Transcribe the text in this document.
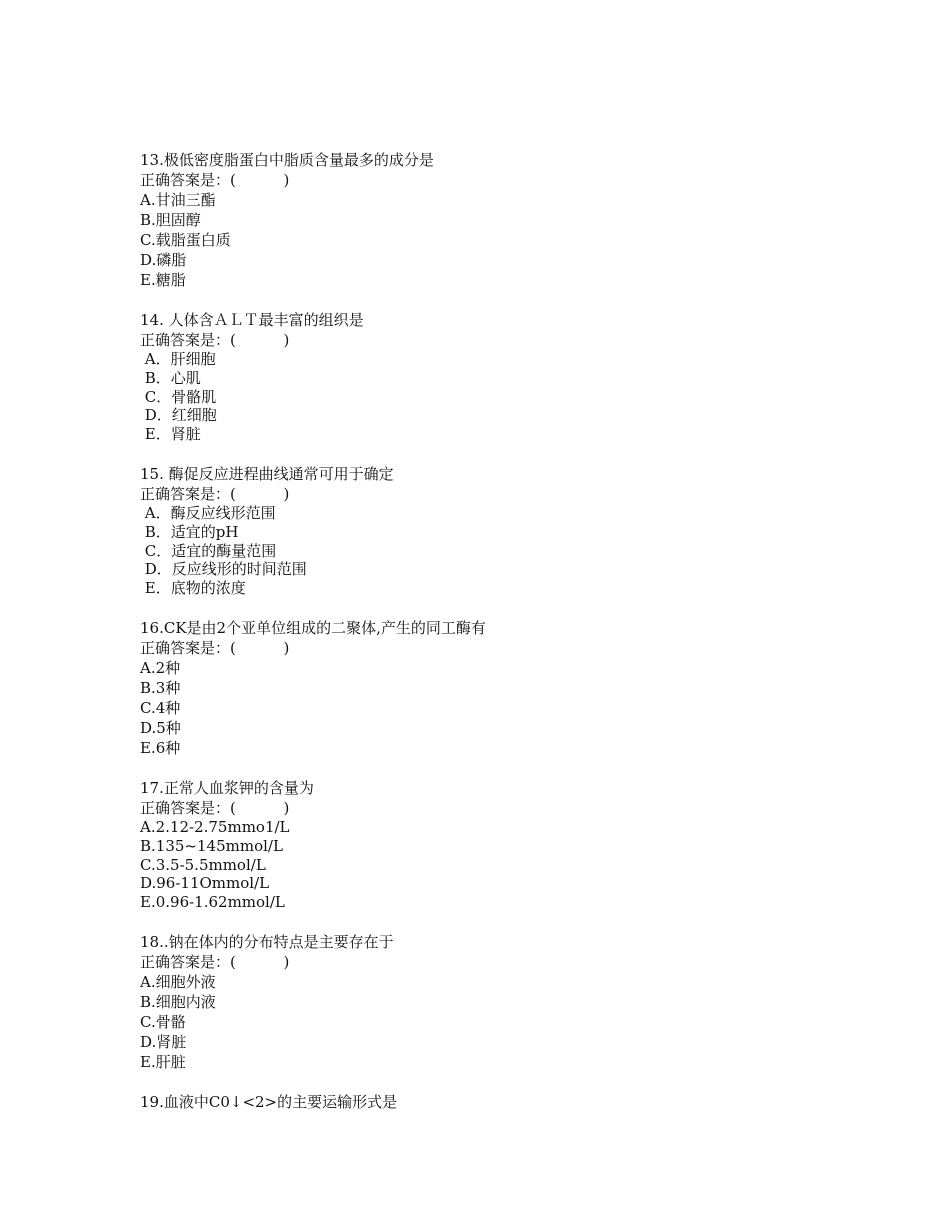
13.极低密度脂蛋白中脂质含量最多的成分是
正确答案是：(          )
A.甘油三酯
B.胆固醇
C.载脂蛋白质
D.磷脂
E.糖脂
14. 人体含ＡＬＴ最丰富的组织是
正确答案是：(          )
A．肝细胞
B．心肌
C．骨骼肌
D．红细胞
E．肾脏
15. 酶促反应进程曲线通常可用于确定
正确答案是：(          )
A．酶反应线形范围
B．适宜的pH
C．适宜的酶量范围
D．反应线形的时间范围
E．底物的浓度
16.CK是由2个亚单位组成的二聚体,产生的同工酶有
正确答案是：(          )
A.2种
B.3种
C.4种
D.5种
E.6种
17.正常人血浆钾的含量为
正确答案是：(          )
A.2.12-2.75mmo1/L
B.135~145mmol/L
C.3.5-5.5mmol/L
D.96-11Ommol/L
E.0.96-1.62mmol/L
18..钠在体内的分布特点是主要存在于
正确答案是：(          )
A.细胞外液
B.细胞内液
C.骨骼
D.肾脏
E.肝脏
19.血液中C0↓<2>的主要运输形式是
